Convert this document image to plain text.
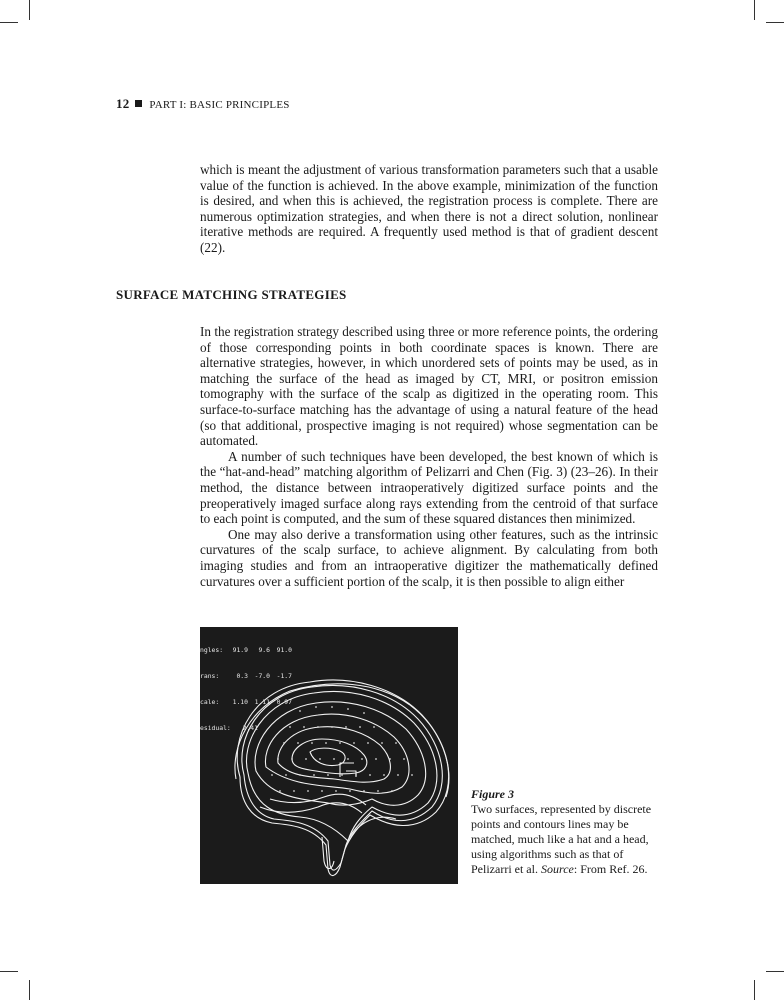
12 PART I: BASIC PRINCIPLES

which is meant the adjustment of various transformation parameters such that a usable value of the function is achieved. In the above example, minimization of the function is desired, and when this is achieved, the registration process is complete. There are numerous optimization strategies, and when there is not a direct solution, nonlinear iterative methods are required. A frequently used method is that of gradient descent (22).

SURFACE MATCHING STRATEGIES

In the registration strategy described using three or more reference points, the ordering of those corresponding points in both coordinate spaces is known. There are alternative strategies, however, in which unordered sets of points may be used, as in matching the surface of the head as imaged by CT, MRI, or positron emission tomography with the surface of the scalp as digitized in the operating room. This surface-to-surface matching has the advantage of using a natural feature of the head (so that additional, prospective imaging is not required) whose segmentation can be automated.

A number of such techniques have been developed, the best known of which is the “hat-and-head” matching algorithm of Pelizarri and Chen (Fig. 3) (23–26). In their method, the distance between intraoperatively digitized surface points and the preoperatively imaged surface along rays extending from the centroid of that surface to each point is computed, and the sum of these squared distances then minimized.

One may also derive a transformation using other features, such as the intrinsic curvatures of the scalp surface, to achieve alignment. By calculating from both imaging studies and from an intraoperative digitizer the mathematically defined curvatures over a sufficient portion of the scalp, it is then possible to align either

ngles: 91.9 9.6 91.0

rans:	0.3 -7.0 -1.7

cale: 1.10 1.11 0.97

esidual: 2.41

Figure 3
Two surfaces, represented by discrete points and contours lines may be matched, much like a hat and a head, using algorithms such as that of Pelizarri et al. Source: From Ref. 26.
